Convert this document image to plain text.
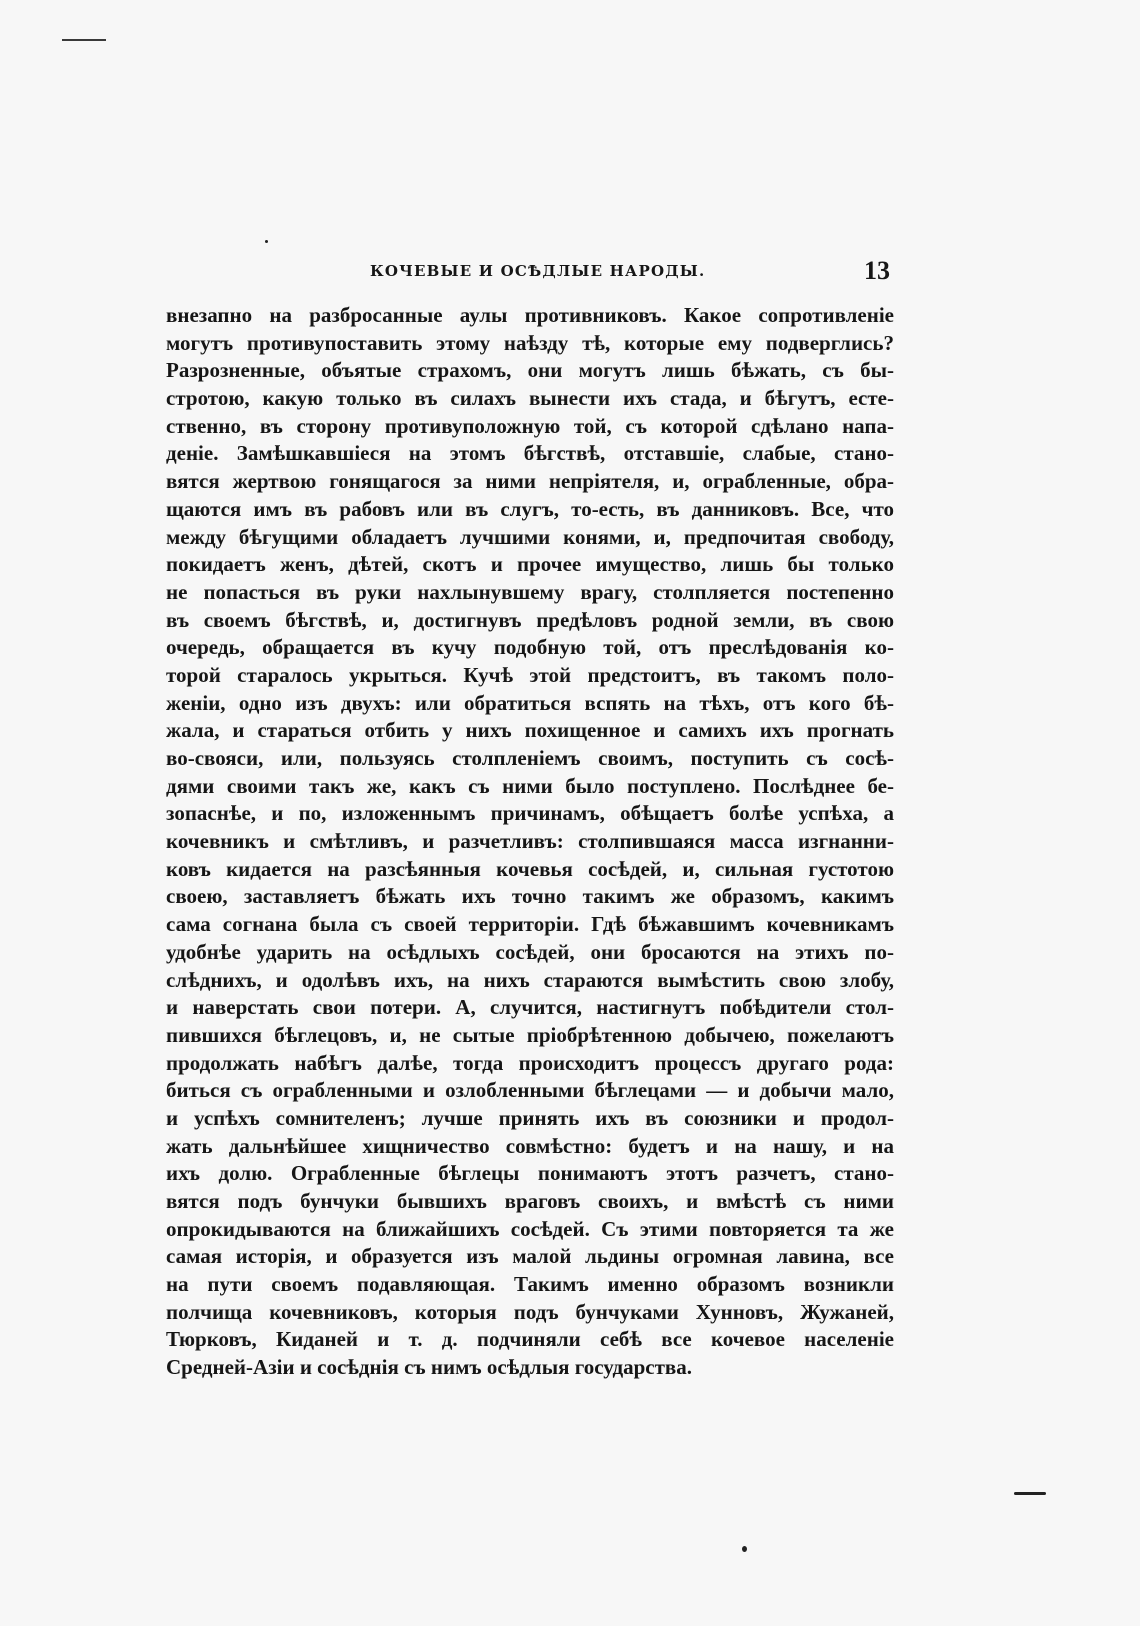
КОЧЕВЫЕ И ОСѢДЛЫЕ НАРОДЫ.	13
внезапно на разбросанные аулы противниковъ. Какое сопротивленіе
могутъ противупоставить этому наѣзду тѣ, которые ему подверглись?
Разрозненные, объятые страхомъ, они могутъ лишь бѣжать, съ бы-
стротою, какую только въ силахъ вынести ихъ стада, и бѣгутъ, есте-
ственно, въ сторону противуположную той, съ которой сдѣлано напа-
деніе. Замѣшкавшіеся на этомъ бѣгствѣ, отставшіе, слабые, стано-
вятся жертвою гонящагося за ними непріятеля, и, ограбленные, обра-
щаются имъ въ рабовъ или въ слугъ, то-есть, въ данниковъ. Все, что
между бѣгущими обладаетъ лучшими конями, и, предпочитая свободу,
покидаетъ женъ, дѣтей, скотъ и прочее имущество, лишь бы только
не попасться въ руки нахлынувшему врагу, столпляется постепенно
въ своемъ бѣгствѣ, и, достигнувъ предѣловъ родной земли, въ свою
очередь, обращается въ кучу подобную той, отъ преслѣдованія ко-
торой старалось укрыться. Кучѣ этой предстоитъ, въ такомъ поло-
женіи, одно изъ двухъ: или обратиться вспять на тѣхъ, отъ кого бѣ-
жала, и стараться отбить у нихъ похищенное и самихъ ихъ прогнать
во-свояси, или, пользуясь столпленіемъ своимъ, поступить съ сосѣ-
дями своими такъ же, какъ съ ними было поступлено. Послѣднее бе-
зопаснѣе, и по, изложеннымъ причинамъ, обѣщаетъ болѣе успѣха, а
кочевникъ и смѣтливъ, и разчетливъ: столпившаяся масса изгнанни-
ковъ кидается на разсѣянныя кочевья сосѣдей, и, сильная густотою
своею, заставляетъ бѣжать ихъ точно такимъ же образомъ, какимъ
сама согнана была съ своей территоріи. Гдѣ бѣжавшимъ кочевникамъ
удобнѣе ударить на осѣдлыхъ сосѣдей, они бросаются на этихъ по-
слѣднихъ, и одолѣвъ ихъ, на нихъ стараются вымѣстить свою злобу,
и наверстать свои потери. А, случится, настигнутъ побѣдители стол-
пившихся бѣглецовъ, и, не сытые пріобрѣтенною добычею, пожелаютъ
продолжать набѣгъ далѣе, тогда происходитъ процессъ другаго рода:
биться съ ограбленными и озлобленными бѣглецами — и добычи мало,
и успѣхъ сомнителенъ; лучше принять ихъ въ союзники и продол-
жать дальнѣйшее хищничество совмѣстно: будетъ и на нашу, и на
ихъ долю. Ограбленные бѣглецы понимаютъ этотъ разчетъ, стано-
вятся подъ бунчуки бывшихъ враговъ своихъ, и вмѣстѣ съ ними
опрокидываются на ближайшихъ сосѣдей. Съ этими повторяется та же
самая исторія, и образуется изъ малой льдины огромная лавина, все
на пути своемъ подавляющая. Такимъ именно образомъ возникли
полчища кочевниковъ, которыя подъ бунчуками Хунновъ, Жужаней,
Тюрковъ, Киданей и т. д. подчиняли себѣ все кочевое населеніе
Средней-Азіи и сосѣднія съ нимъ осѣдлыя государства.
